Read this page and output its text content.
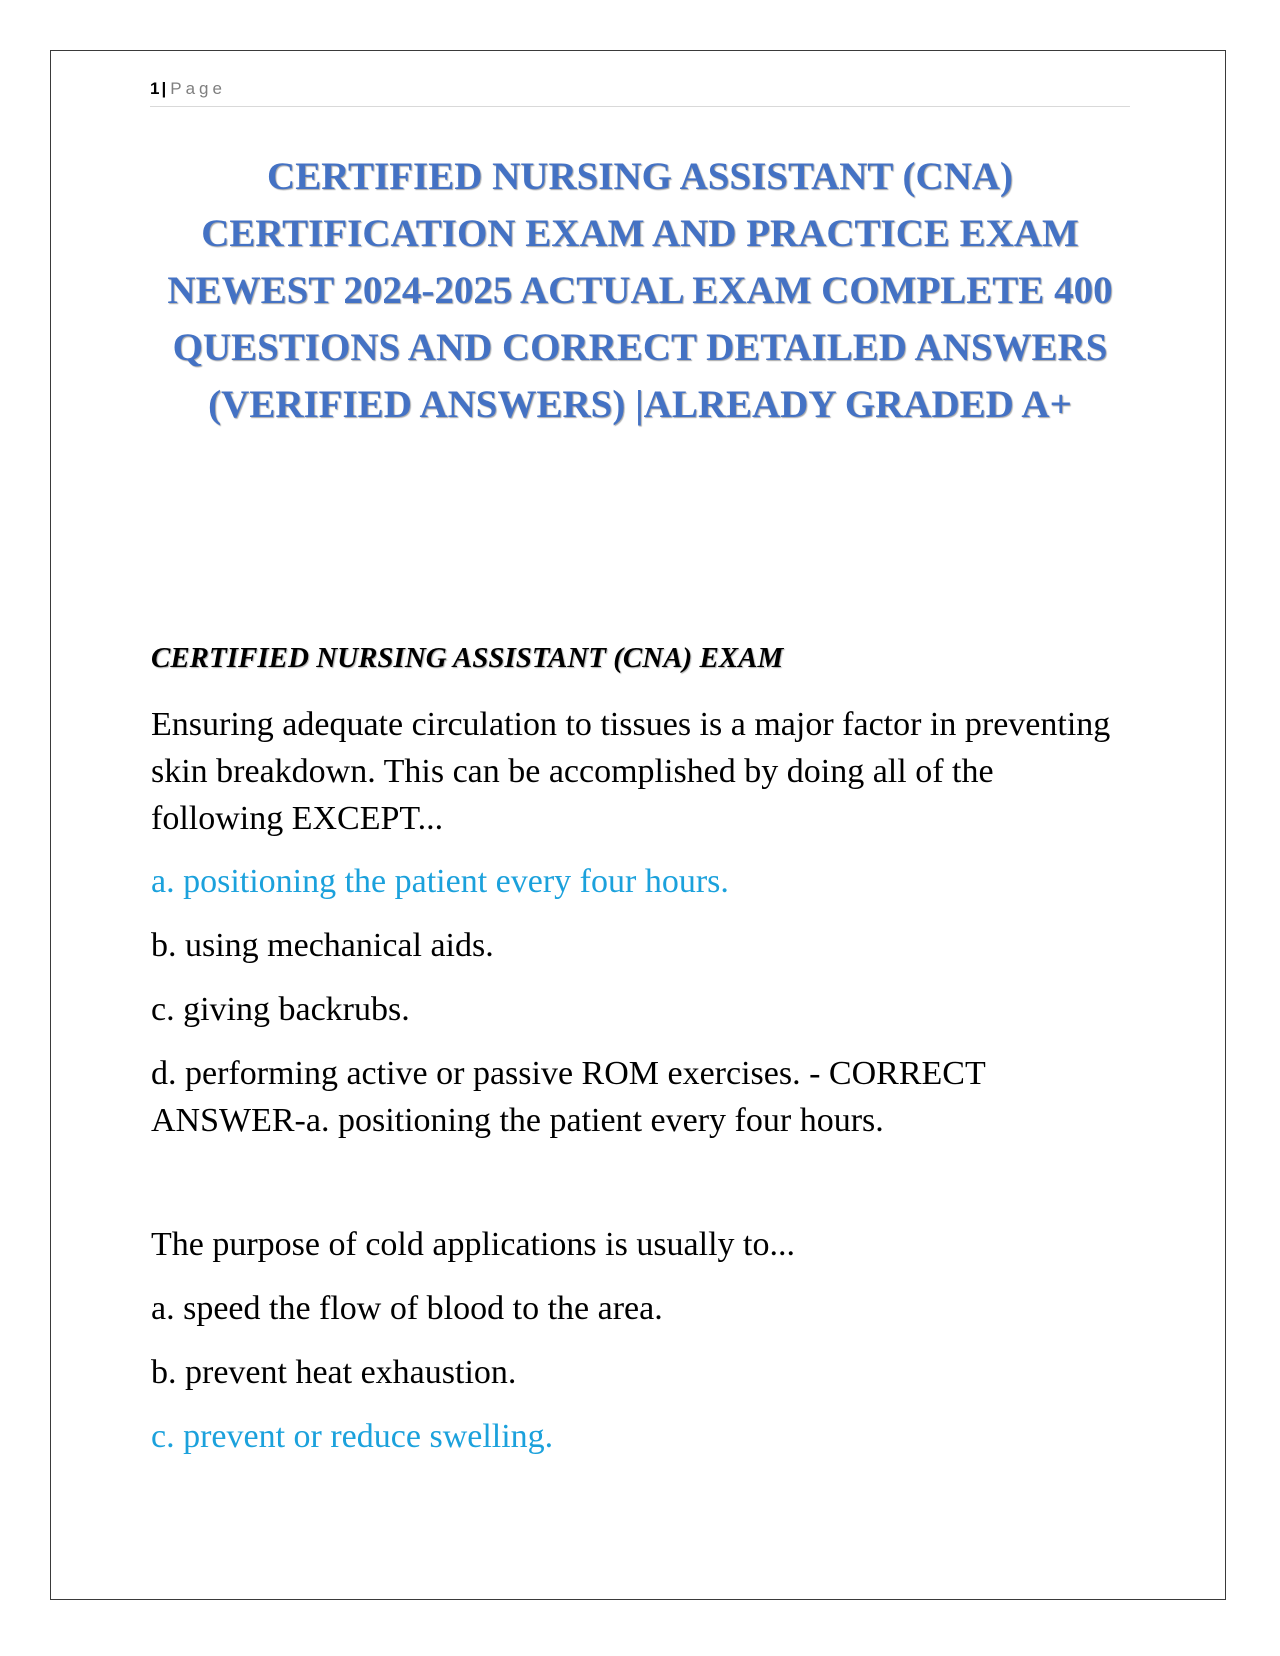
1 | Page
CERTIFIED NURSING ASSISTANT (CNA) CERTIFICATION EXAM AND PRACTICE EXAM NEWEST 2024-2025 ACTUAL EXAM COMPLETE 400 QUESTIONS AND CORRECT DETAILED ANSWERS (VERIFIED ANSWERS) |ALREADY GRADED A+
CERTIFIED NURSING ASSISTANT (CNA) EXAM

Ensuring adequate circulation to tissues is a major factor in preventing skin breakdown. This can be accomplished by doing all of the following EXCEPT...

a. positioning the patient every four hours.

b. using mechanical aids.

c. giving backrubs.

d. performing active or passive ROM exercises. - CORRECT ANSWER-a. positioning the patient every four hours.

The purpose of cold applications is usually to...

a. speed the flow of blood to the area.

b. prevent heat exhaustion.

c. prevent or reduce swelling.
